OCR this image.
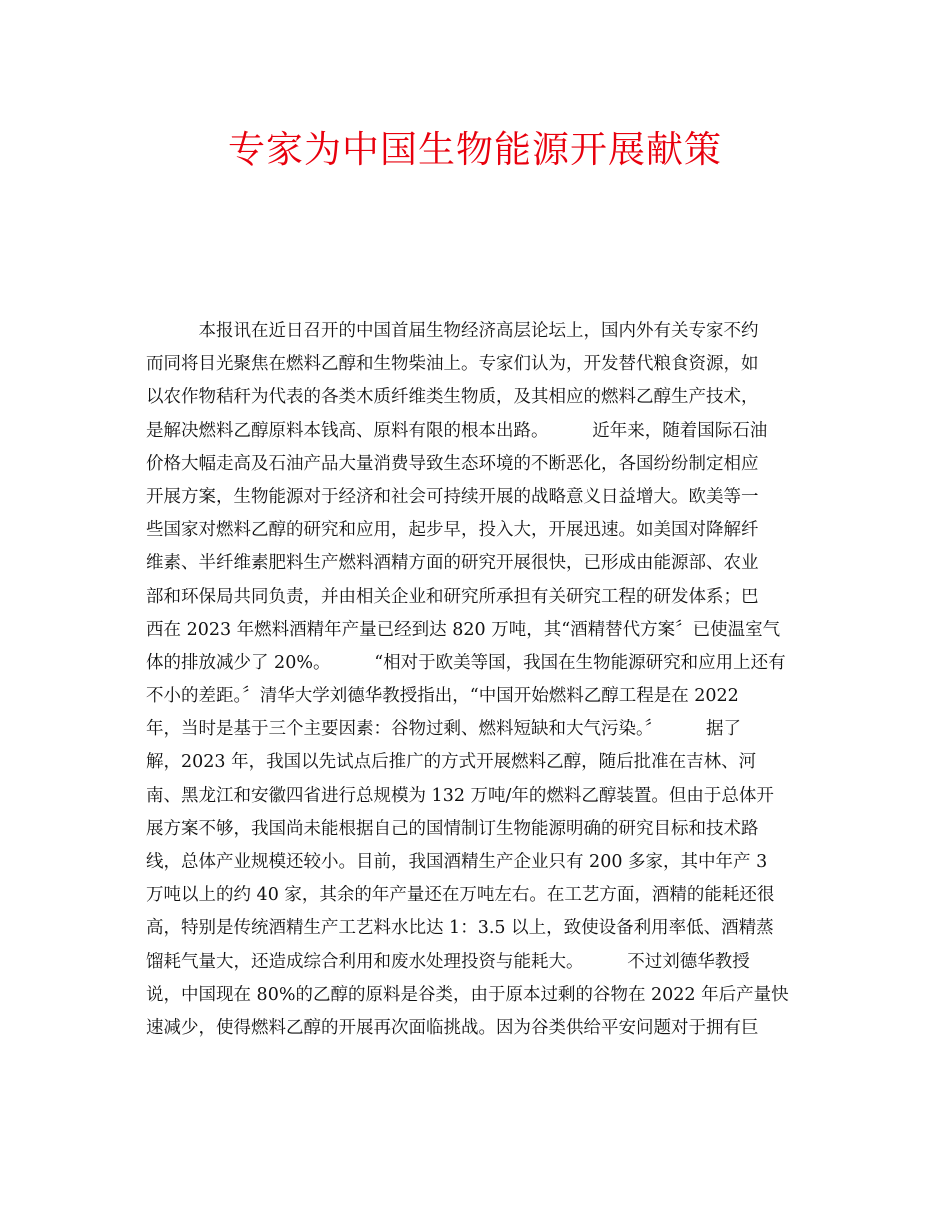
专家为中国生物能源开展献策
　　　本报讯在近日召开的中国首届生物经济高层论坛上，国内外有关专家不约
而同将目光聚焦在燃料乙醇和生物柴油上。专家们认为，开发替代粮食资源，如
以农作物秸秆为代表的各类木质纤维类生物质，及其相应的燃料乙醇生产技术，
是解决燃料乙醇原料本钱高、原料有限的根本出路。　　　近年来，随着国际石油
价格大幅走高及石油产品大量消费导致生态环境的不断恶化，各国纷纷制定相应
开展方案，生物能源对于经济和社会可持续开展的战略意义日益增大。欧美等一
些国家对燃料乙醇的研究和应用，起步早，投入大，开展迅速。如美国对降解纤
维素、半纤维素肥料生产燃料酒精方面的研究开展很快，已形成由能源部、农业
部和环保局共同负责，并由相关企业和研究所承担有关研究工程的研发体系；巴
西在 2023 年燃料酒精年产量已经到达 820 万吨，其“酒精替代方案〞已使温室气
体的排放减少了 20%。　　　“相对于欧美等国，我国在生物能源研究和应用上还有
不小的差距。〞清华大学刘德华教授指出，“中国开始燃料乙醇工程是在 2022
年，当时是基于三个主要因素：谷物过剩、燃料短缺和大气污染。〞　　　据了
解，2023 年，我国以先试点后推广的方式开展燃料乙醇，随后批准在吉林、河
南、黑龙江和安徽四省进行总规模为 132 万吨/年的燃料乙醇装置。但由于总体开
展方案不够，我国尚未能根据自己的国情制订生物能源明确的研究目标和技术路
线，总体产业规模还较小。目前，我国酒精生产企业只有 200 多家，其中年产 3
万吨以上的约 40 家，其余的年产量还在万吨左右。在工艺方面，酒精的能耗还很
高，特别是传统酒精生产工艺料水比达 1：3.5 以上，致使设备利用率低、酒精蒸
馏耗气量大，还造成综合利用和废水处理投资与能耗大。　　　不过刘德华教授
说，中国现在 80%的乙醇的原料是谷类，由于原本过剩的谷物在 2022 年后产量快
速减少，使得燃料乙醇的开展再次面临挑战。因为谷类供给平安问题对于拥有巨
